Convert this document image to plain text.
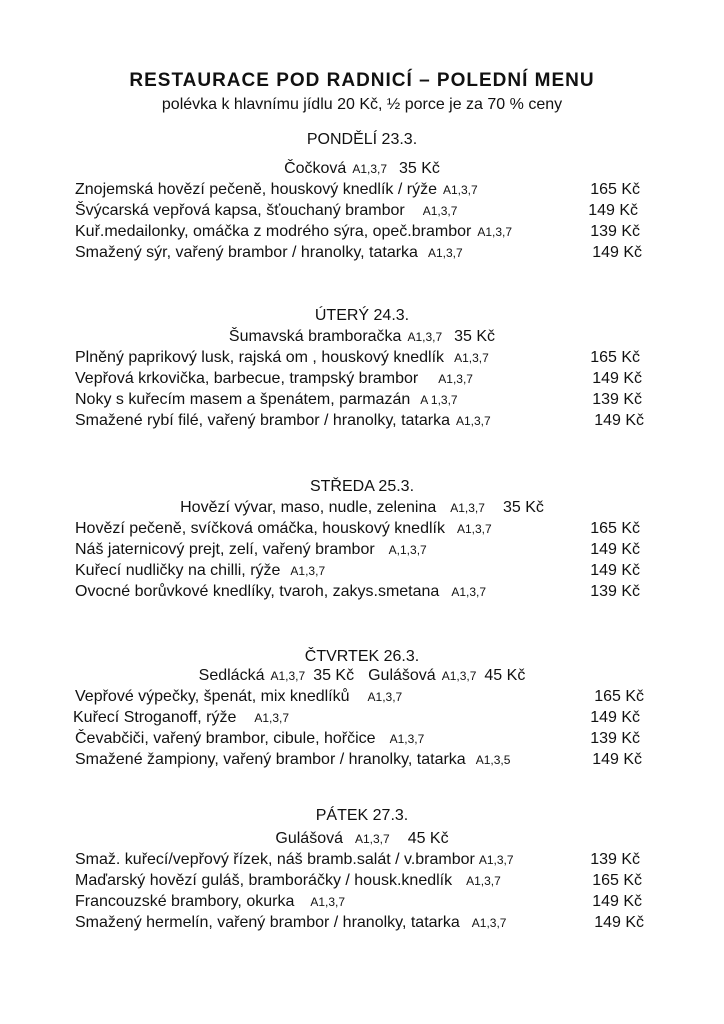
RESTAURACE POD RADNICÍ – POLEDNÍ MENU
polévka k hlavnímu jídlu 20 Kč, ½ porce je za 70 % ceny
PONDĚLÍ 23.3.
Čočková A1,3,7 35 Kč
Znojemská hovězí pečeně, houskový knedlík / rýže A1,3,7	165 Kč
Švýcarská vepřová kapsa, šťouchaný brambor A1,3,7	149 Kč
Kuř.medailonky, omáčka z modrého sýra, opeč.brambor A1,3,7	139 Kč
Smažený sýr, vařený brambor / hranolky, tatarka A1,3,7	149 Kč
ÚTERÝ 24.3.
Šumavská bramboračka A1,3,7 35 Kč
Plněný paprikový lusk, rajská om , houskový knedlík A1,3,7	165 Kč
Vepřová krkovička, barbecue, trampský brambor A1,3,7	149 Kč
Noky s kuřecím masem a špenátem, parmazán A 1,3,7	139 Kč
Smažené rybí filé, vařený brambor / hranolky, tatarka A1,3,7	149 Kč
STŘEDA 25.3.
Hovězí vývar, maso, nudle, zelenina A1,3,7 35 Kč
Hovězí pečeně, svíčková omáčka, houskový knedlík A1,3,7	165 Kč
Náš jaternicový prejt, zelí, vařený brambor A,1,3,7	149 Kč
Kuřecí nudličky na chilli, rýže A1,3,7	149 Kč
Ovocné borůvkové knedlíky, tvaroh, zakys.smetana A1,3,7	139 Kč
ČTVRTEK 26.3.
Sedlácká A1,3,7 35 Kč Gulášová A1,3,7 45 Kč
Vepřové výpečky, špenát, mix knedlíků A1,3,7	165 Kč
Kuřecí Stroganoff, rýže A1,3,7	149 Kč
Čevabčiči, vařený brambor, cibule, hořčice A1,3,7	139 Kč
Smažené žampiony, vařený brambor / hranolky, tatarka A1,3,5	149 Kč
PÁTEK 27.3.
Gulášová A1,3,7 45 Kč
Smaž. kuřecí/vepřový řízek, náš bramb.salát / v.brambor A1,3,7	139 Kč
Maďarský hovězí guláš, bramboráčky / housk.knedlík A1,3,7	165 Kč
Francouzské brambory, okurka A1,3,7	149 Kč
Smažený hermelín, vařený brambor / hranolky, tatarka A1,3,7	149 Kč
